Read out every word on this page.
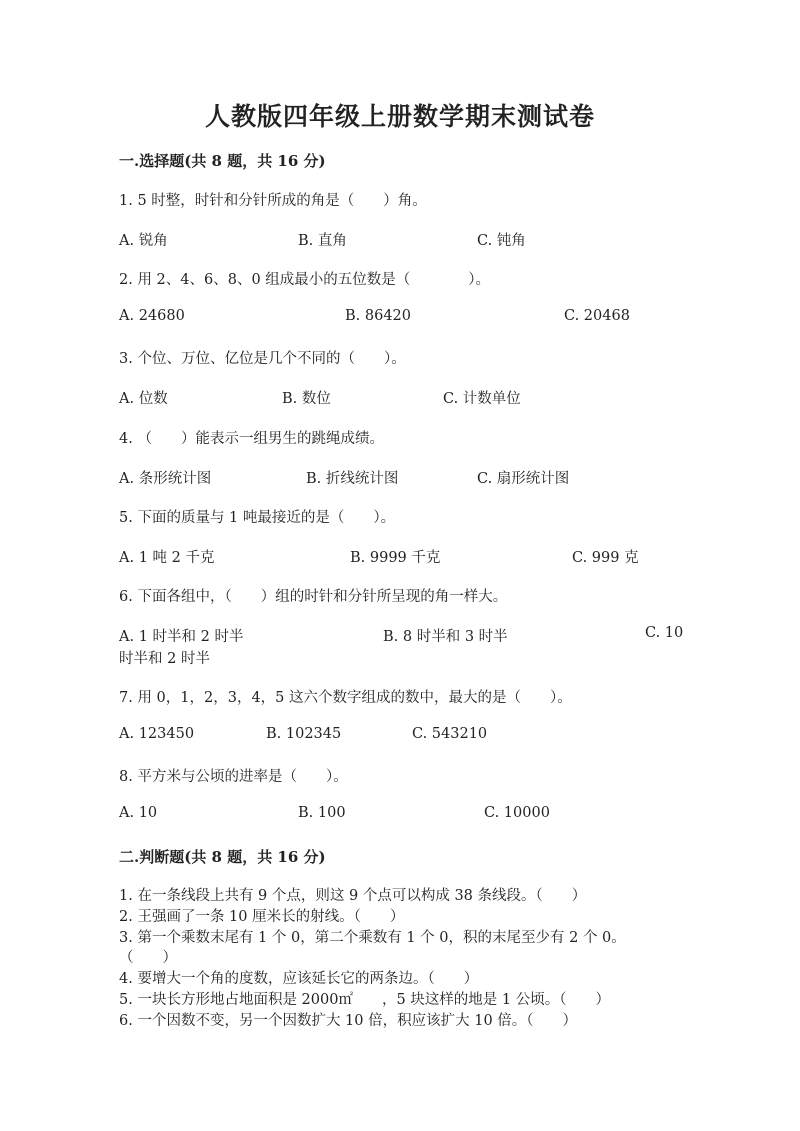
人教版四年级上册数学期末测试卷
一.选择题(共 8 题，共 16 分)
1. 5 时整，时针和分针所成的角是（　　）角。
A. 锐角	B. 直角	C. 钝角
2. 用 2、4、6、8、0 组成最小的五位数是（　　　　）。
A. 24680	B. 86420	C. 20468
3. 个位、万位、亿位是几个不同的（　　）。
A. 位数	B. 数位	C. 计数单位
4. （　　）能表示一组男生的跳绳成绩。
A. 条形统计图	B. 折线统计图	C. 扇形统计图
5. 下面的质量与 1 吨最接近的是（　　）。
A. 1 吨 2 千克	B. 9999 千克	C. 999 克
6. 下面各组中，（　　）组的时针和分针所呈现的角一样大。
A. 1 时半和 2 时半	B. 8 时半和 3 时半	C. 10
时半和 2 时半
7. 用 0，1，2，3，4，5 这六个数字组成的数中，最大的是（　　）。
A. 123450	B. 102345	C. 543210
8. 平方米与公顷的进率是（　　）。
A. 10	B. 100	C. 10000
二.判断题(共 8 题，共 16 分)
1. 在一条线段上共有 9 个点，则这 9 个点可以构成 38 条线段。（　　）
2. 王强画了一条 10 厘米长的射线。（　　）
3. 第一个乘数末尾有 1 个 0，第二个乘数有 1 个 0，积的末尾至少有 2 个 0。
（　　）
4. 要增大一个角的度数，应该延长它的两条边。（　　）
5. 一块长方形地占地面积是 2000㎡　　，5 块这样的地是 1 公顷。（　　）
6. 一个因数不变，另一个因数扩大 10 倍，积应该扩大 10 倍。（　　）
